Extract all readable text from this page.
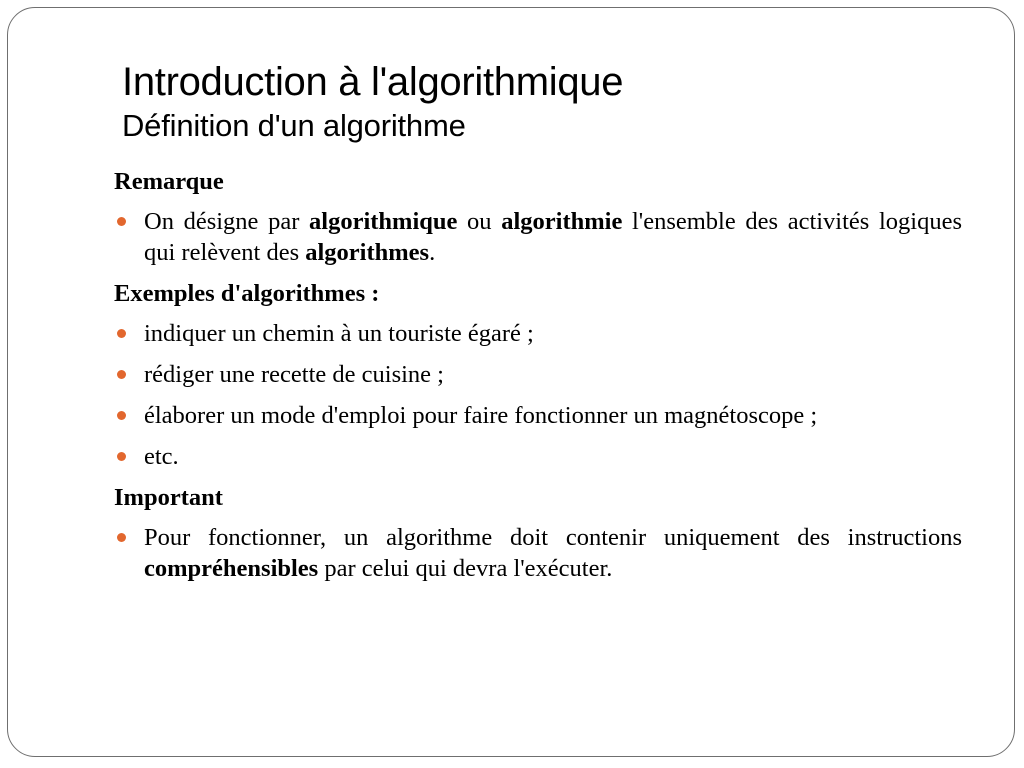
Introduction à l'algorithmique
Définition d'un algorithme
Remarque
On désigne par algorithmique ou algorithmie l'ensemble des activités logiques qui relèvent des algorithmes.
Exemples d'algorithmes :
indiquer un chemin à un touriste égaré ;
rédiger une recette de cuisine ;
élaborer un mode d'emploi pour faire fonctionner un magnétoscope ;
etc.
Important
Pour fonctionner, un algorithme doit contenir uniquement des instructions compréhensibles par celui qui devra l'exécuter.
